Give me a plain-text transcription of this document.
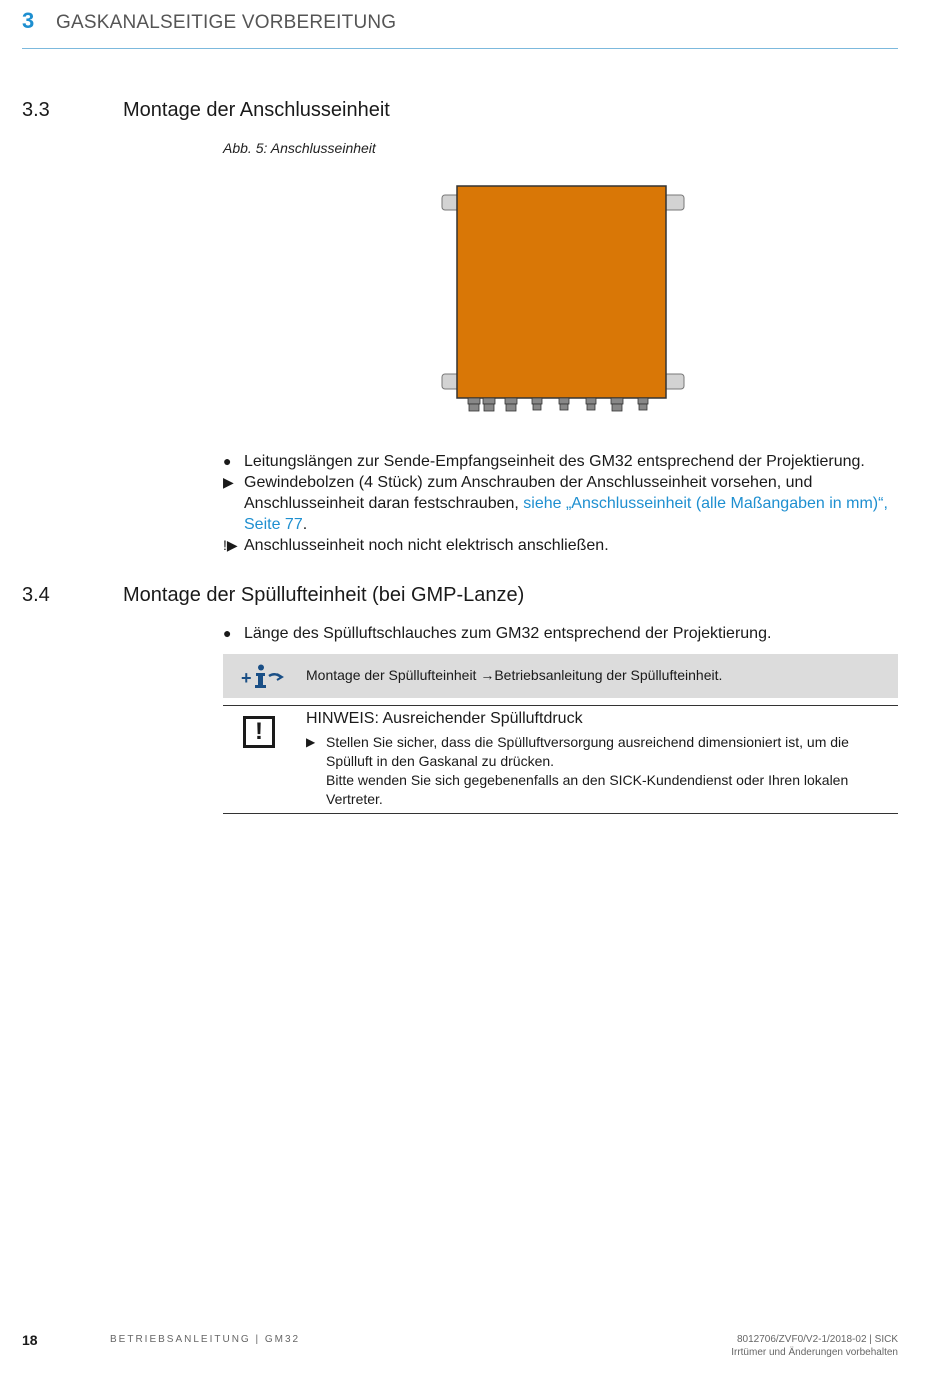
3 GASKANALSEITIGE VORBEREITUNG
3.3	Montage der Anschlusseinheit
Abb. 5: Anschlusseinheit
● Leitungslängen zur Sende-Empfangseinheit des GM32 entsprechend der Projektierung.
▶ Gewindebolzen (4 Stück) zum Anschrauben der Anschlusseinheit vorsehen, und Anschlusseinheit daran festschrauben, siehe „Anschlusseinheit (alle Maßangaben in mm)“, Seite 77.
!▶ Anschlusseinheit noch nicht elektrisch anschließen.
3.4	Montage der Spüllufteinheit (bei GMP-Lanze)
● Länge des Spülluftschlauches zum GM32 entsprechend der Projektierung.
+	Montage der Spüllufteinheit →Betriebsanleitung der Spüllufteinheit.
!	HINWEIS: Ausreichender Spülluftdruck
▶ Stellen Sie sicher, dass die Spülluftversorgung ausreichend dimensioniert ist, um die Spülluft in den Gaskanal zu drücken.
Bitte wenden Sie sich gegebenenfalls an den SICK-Kundendienst oder Ihren lokalen Vertreter.
18	BETRIEBSANLEITUNG | GM32	8012706/ZVF0/V2-1/2018-02 | SICK
Irrtümer und Änderungen vorbehalten
